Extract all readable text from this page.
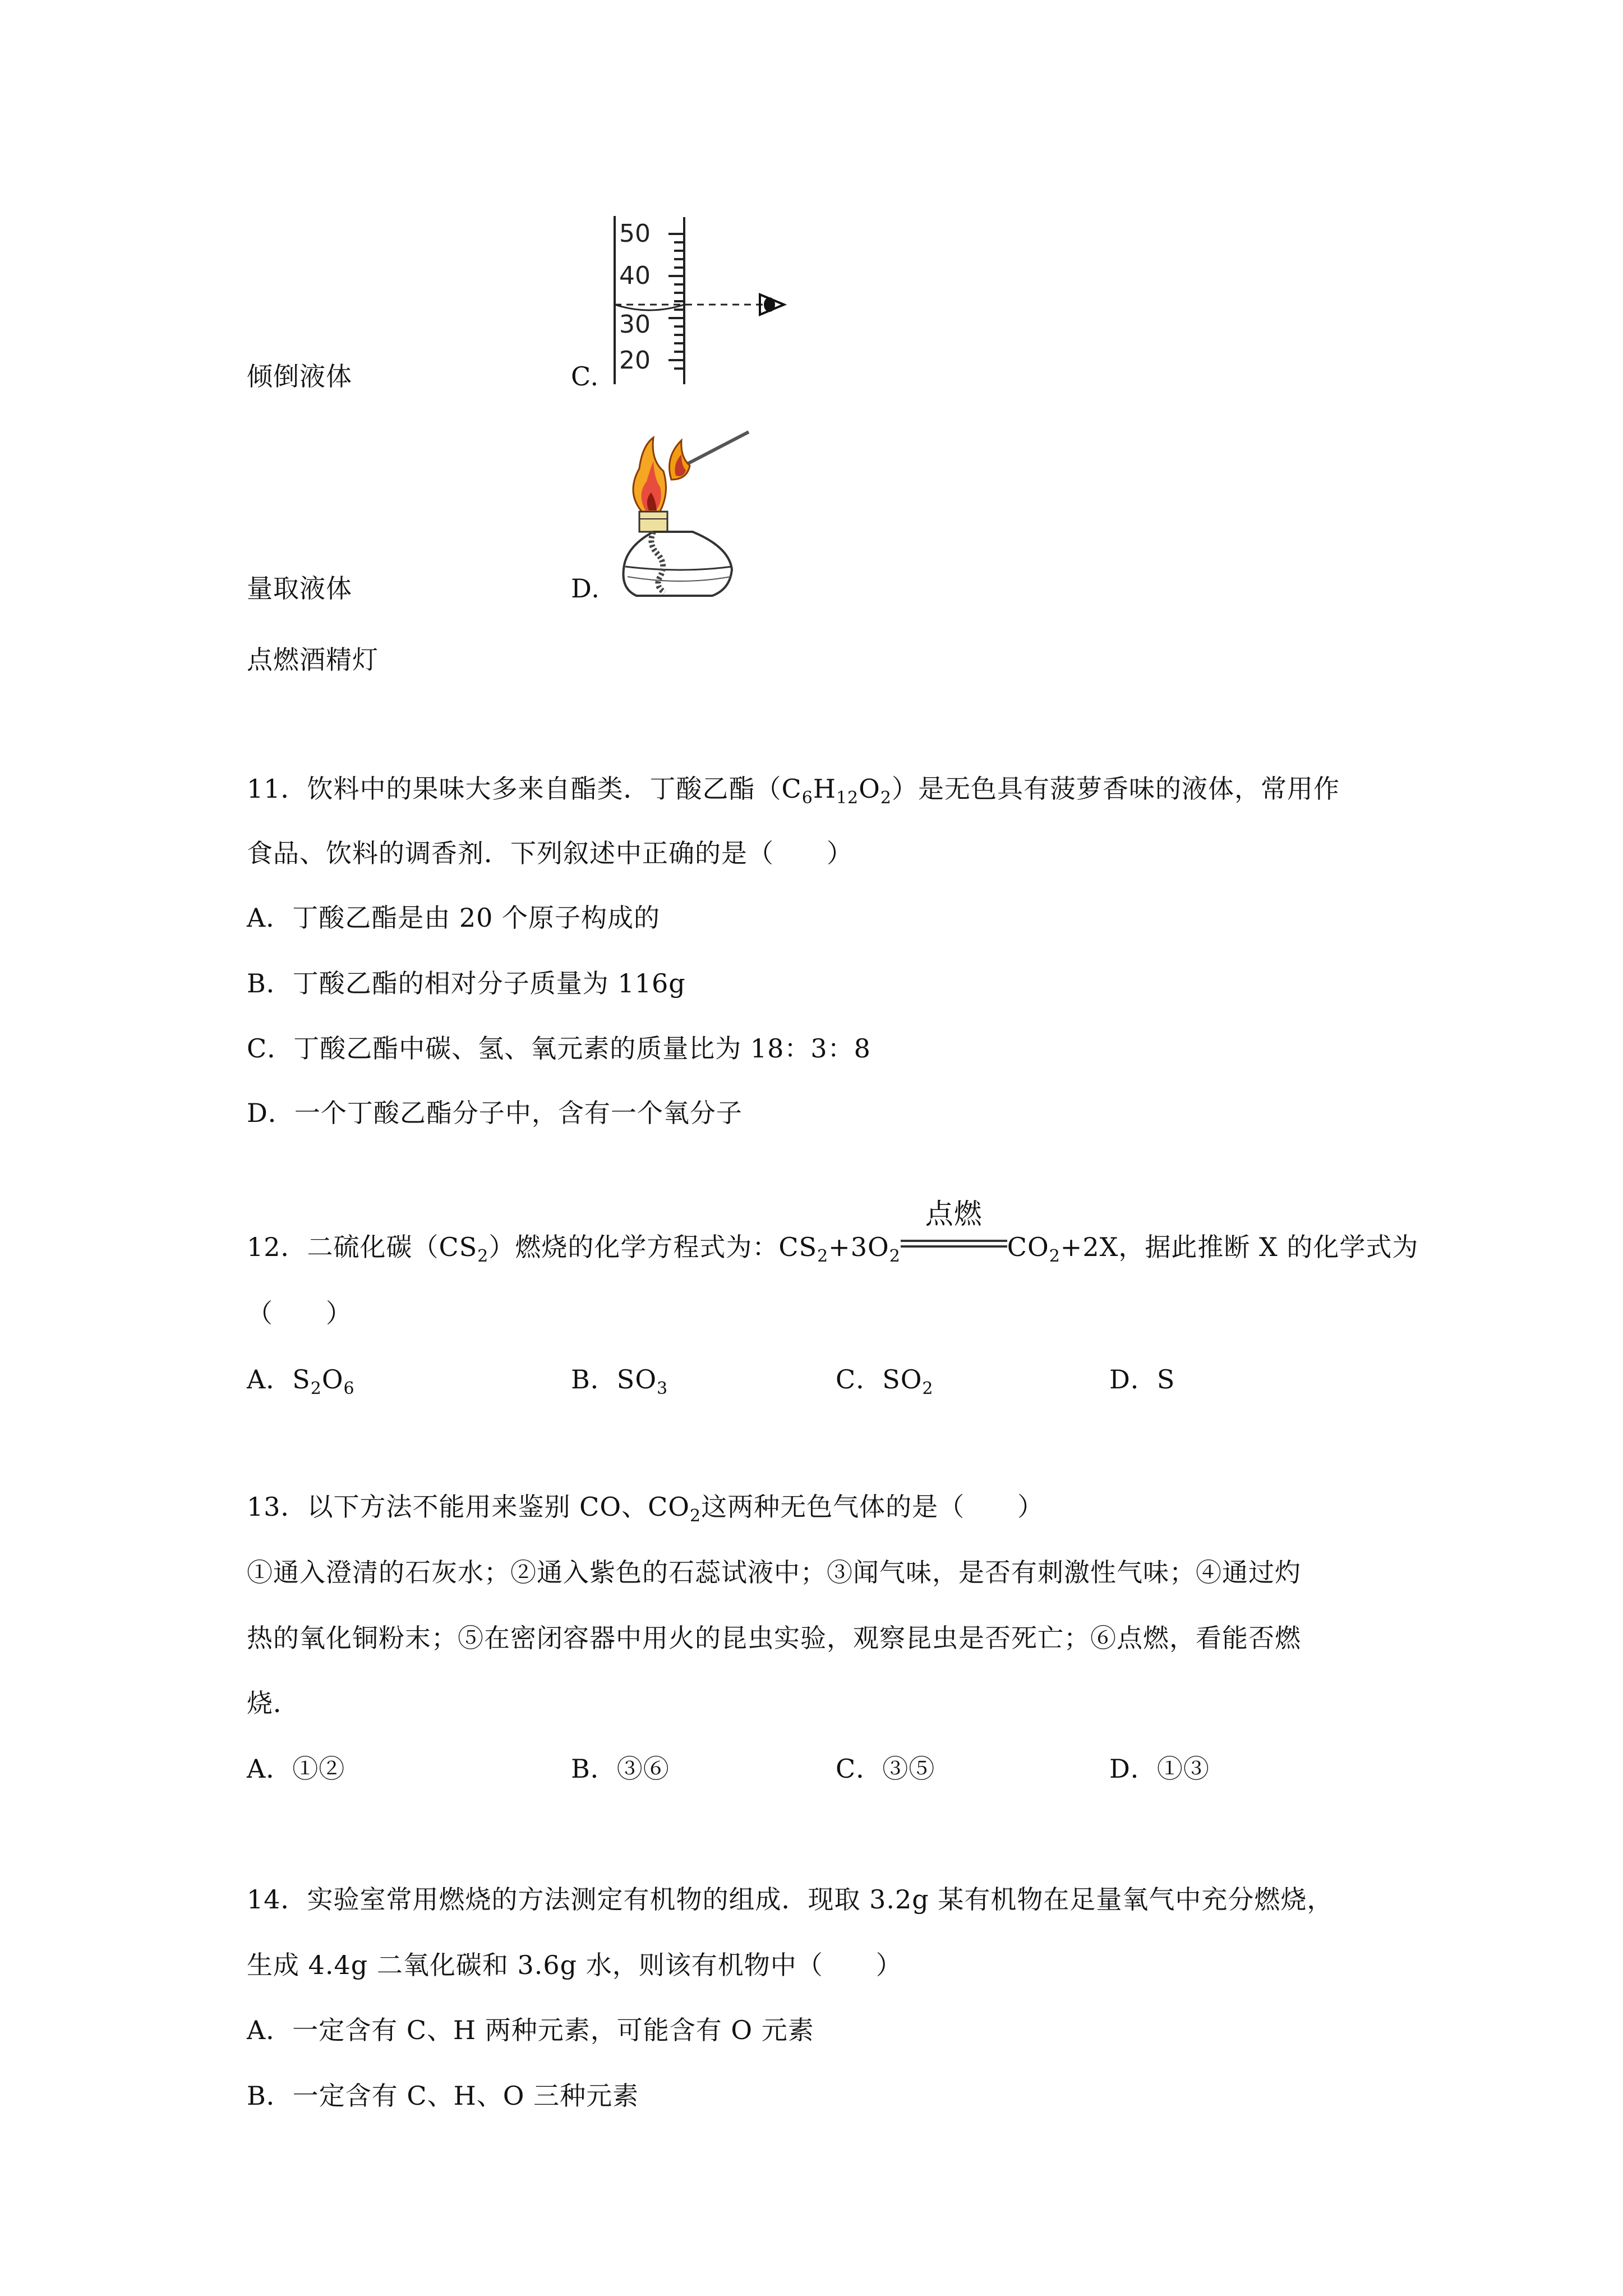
50
40
30
20
倾倒液体	C.
量取液体	D.
点燃酒精灯
11．饮料中的果味大多来自酯类．丁酸乙酯$(C_6H_{12}O_2)$是无色具有菠萝香味的液体，常用作
食品、饮料的调香剂．下列叙述中正确的是（　　）
A．丁酸乙酯是由 20 个原子构成的
B．丁酸乙酯的相对分子质量为 116g
C．丁酸乙酯中碳、氢、氧元素的质量比为 18：3：8
D．一个丁酸乙酯分子中，含有一个氧分子
12．二硫化碳$(CS_2)$燃烧的化学方程式为：$CS_2+3O_2$
点燃
$CO_2+2X$，据此推断 X 的化学式为
（　　）
A．$S_2O_6$	B．$SO_3$	C．$SO_2$	D．S
13．以下方法不能用来鉴别 CO、$CO_2$这两种无色气体的是（　　）
①通入澄清的石灰水；②通入紫色的石蕊试液中；③闻气味，是否有刺激性气味；④通过灼
热的氧化铜粉末；⑤在密闭容器中用火的昆虫实验，观察昆虫是否死亡；⑥点燃，看能否燃
烧．
A．①②	B．③⑥	C．③⑤	D．①③
14．实验室常用燃烧的方法测定有机物的组成．现取 3.2g 某有机物在足量氧气中充分燃烧，
生成 4.4g 二氧化碳和 3.6g 水，则该有机物中（　　）
A．一定含有 C、H 两种元素，可能含有 O 元素
B．一定含有 C、H、O 三种元素
